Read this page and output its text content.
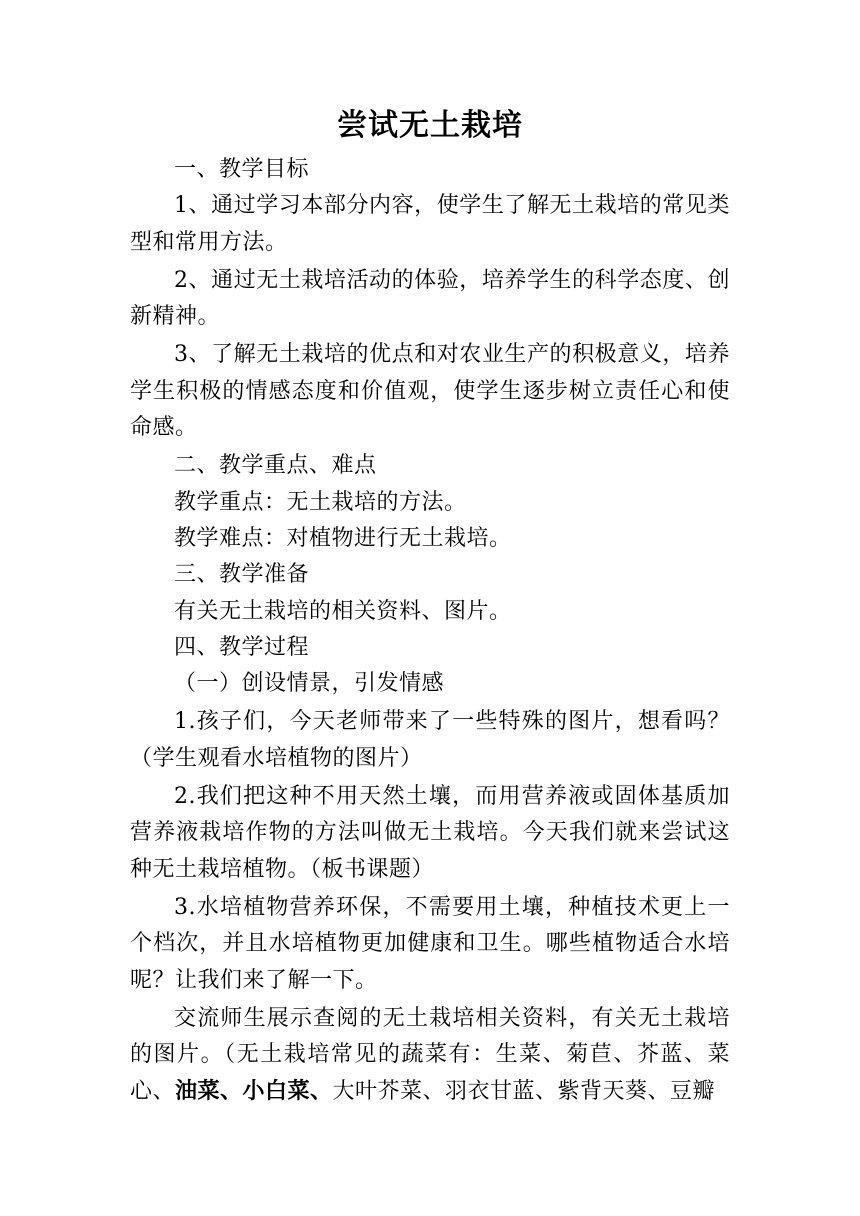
尝试无土栽培

一、教学目标

1、通过学习本部分内容，使学生了解无土栽培的常见类型和常用方法。

2、通过无土栽培活动的体验，培养学生的科学态度、创新精神。

3、了解无土栽培的优点和对农业生产的积极意义，培养学生积极的情感态度和价值观，使学生逐步树立责任心和使命感。

二、教学重点、难点

教学重点：无土栽培的方法。

教学难点：对植物进行无土栽培。

三、教学准备

有关无土栽培的相关资料、图片。

四、教学过程

（一）创设情景，引发情感

1.孩子们，今天老师带来了一些特殊的图片，想看吗？（学生观看水培植物的图片）

2.我们把这种不用天然土壤，而用营养液或固体基质加营养液栽培作物的方法叫做无土栽培。今天我们就来尝试这种无土栽培植物。（板书课题）

3.水培植物营养环保，不需要用土壤，种植技术更上一个档次，并且水培植物更加健康和卫生。哪些植物适合水培呢？让我们来了解一下。

交流师生展示查阅的无土栽培相关资料，有关无土栽培的图片。（无土栽培常见的蔬菜有：生菜、菊苣、芥蓝、菜心、油菜、小白菜、大叶芥菜、羽衣甘蓝、紫背天葵、豆瓣
